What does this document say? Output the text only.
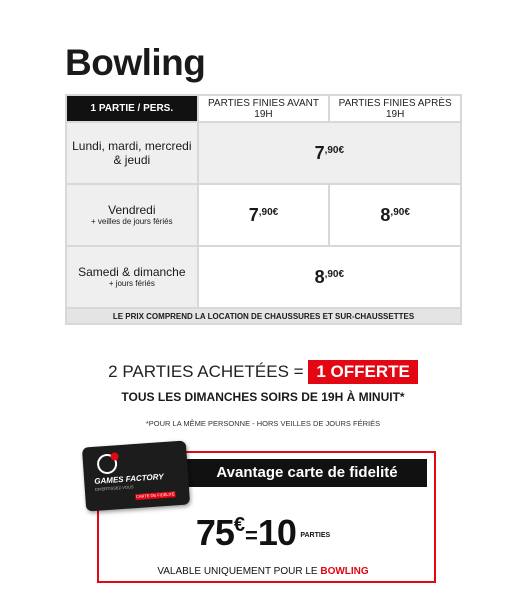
Bowling
1 PARTIE / PERS.	PARTIES FINIES AVANT 19H	PARTIES FINIES APRÈS 19H
Lundi, mardi, mercredi & jeudi	$7^{,90€}$
Vendredi
+ veilles de jours fériés	$7^{,90€}$	$8^{,90€}$
Samedi & dimanche
+ jours fériés	$8^{,90€}$
LE PRIX COMPREND LA LOCATION DE CHAUSSURES ET SUR-CHAUSSETTES		
2 PARTIES ACHETÉES = 1 OFFERTE
TOUS LES DIMANCHES SOIRS DE 19H À MINUIT*
*POUR LA MÊME PERSONNE - HORS VEILLES DE JOURS FÉRIÉS
Avantage carte de fidelité
GAMES FACTORY
DIVERTISSEZ-VOUS
CARTE DE FIDÉLITÉ
75€=10 $^{PARTIES}$
VALABLE UNIQUEMENT POUR LE BOWLING
